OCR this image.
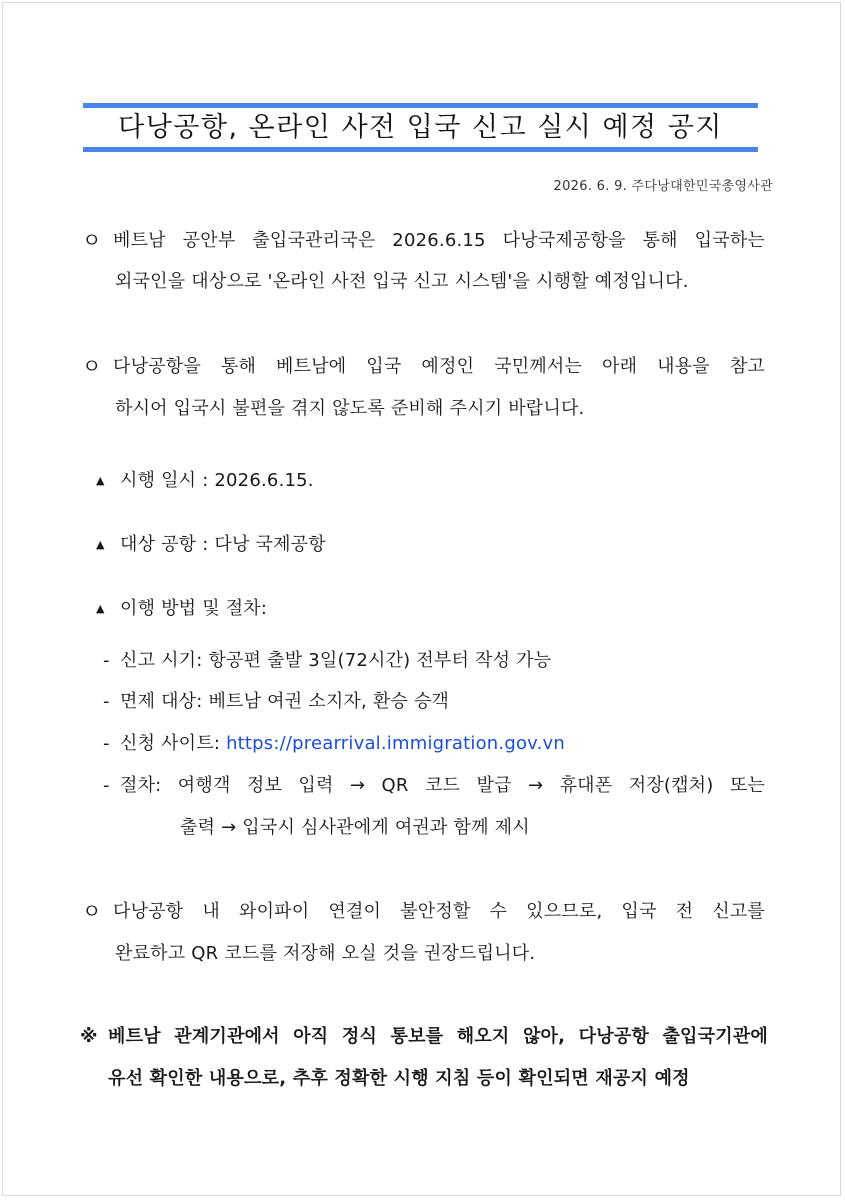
다낭공항, 온라인 사전 입국 신고 실시 예정 공지
2026. 6. 9. 주다낭대한민국총영사관
ㅇ 베트남 공안부 출입국관리국은 2026.6.15 다낭국제공항을 통해 입국하는
외국인을 대상으로 '온라인 사전 입국 신고 시스템'을 시행할 예정입니다.
ㅇ 다낭공항을 통해 베트남에 입국 예정인 국민께서는 아래 내용을 참고
하시어 입국시 불편을 겪지 않도록 준비해 주시기 바랍니다.
▲ 시행 일시 : 2026.6.15.
▲ 대상 공항 : 다낭 국제공항
▲ 이행 방법 및 절차:
- 신고 시기: 항공편 출발 3일(72시간) 전부터 작성 가능
- 면제 대상: 베트남 여권 소지자, 환승 승객
- 신청 사이트: https://prearrival.immigration.gov.vn
- 절차: 여행객 정보 입력 → QR 코드 발급 → 휴대폰 저장(캡처) 또는
출력 → 입국시 심사관에게 여권과 함께 제시
ㅇ 다낭공항 내 와이파이 연결이 불안정할 수 있으므로, 입국 전 신고를
완료하고 QR 코드를 저장해 오실 것을 권장드립니다.
※ 베트남 관계기관에서 아직 정식 통보를 해오지 않아, 다낭공항 출입국기관에
유선 확인한 내용으로, 추후 정확한 시행 지침 등이 확인되면 재공지 예정
